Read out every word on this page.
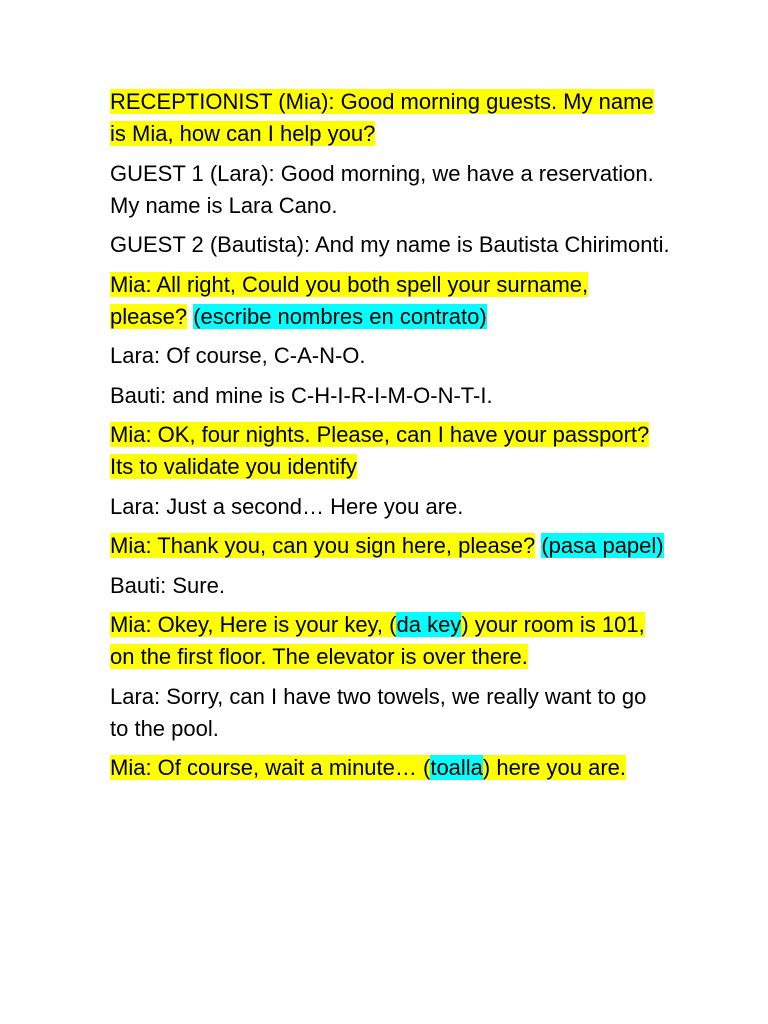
RECEPTIONIST (Mia): Good morning guests. My name is Mia, how can I help you?

GUEST 1 (Lara): Good morning, we have a reservation. My name is Lara Cano.

GUEST 2 (Bautista): And my name is Bautista Chirimonti.

Mia: All right, Could you both spell your surname, please? (escribe nombres en contrato)

Lara: Of course, C-A-N-O.

Bauti: and mine is C-H-I-R-I-M-O-N-T-I.

Mia: OK, four nights. Please, can I have your passport? Its to validate you identify

Lara: Just a second… Here you are.

Mia: Thank you, can you sign here, please? (pasa papel)

Bauti: Sure.

Mia: Okey, Here is your key, (da key) your room is 101, on the first floor. The elevator is over there.

Lara: Sorry, can I have two towels, we really want to go to the pool.

Mia: Of course, wait a minute… (toalla) here you are.
